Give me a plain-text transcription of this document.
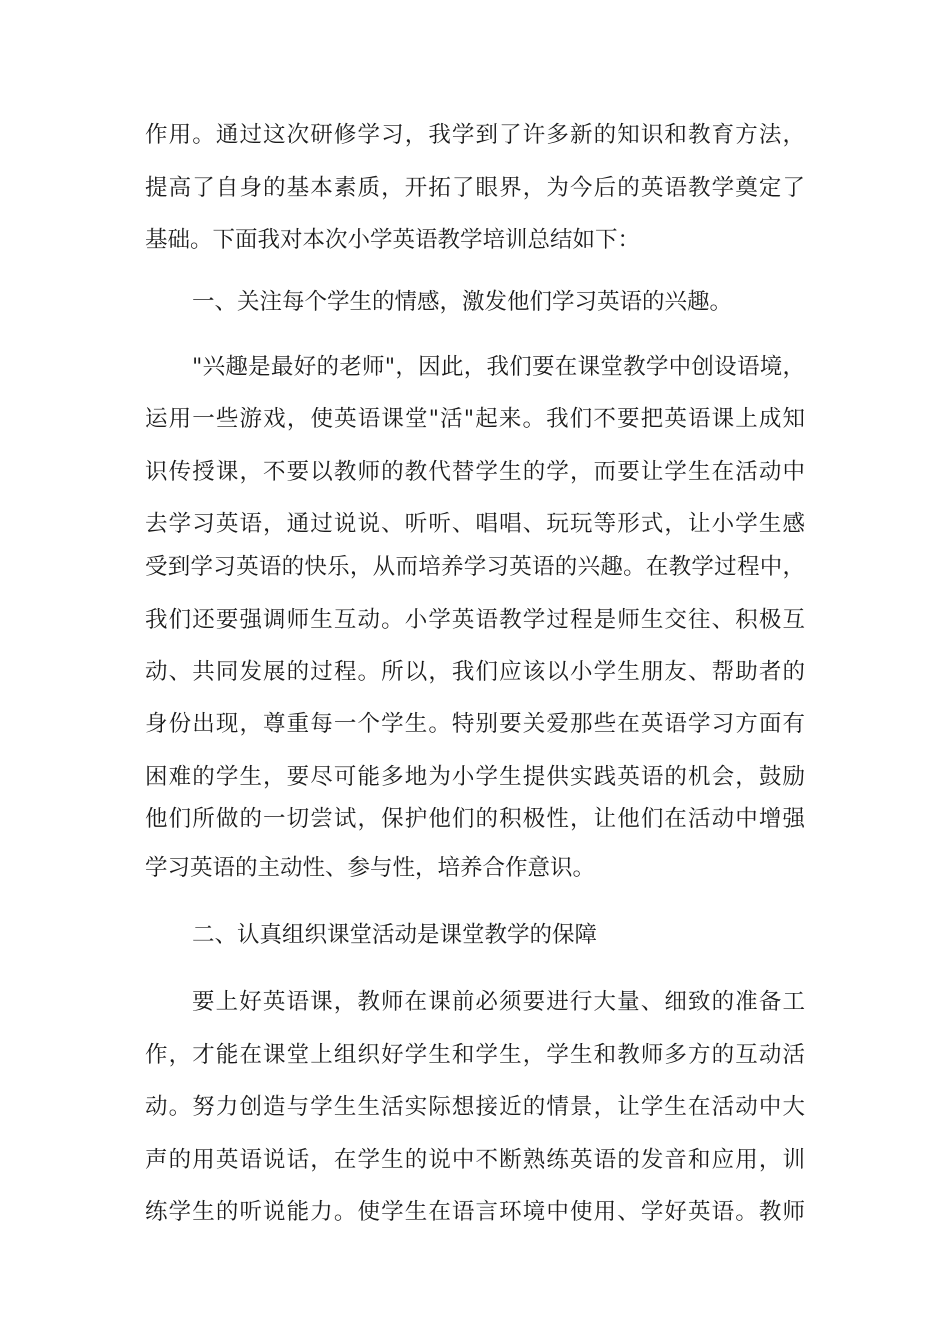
作用。通过这次研修学习，我学到了许多新的知识和教育方法，

提高了自身的基本素质，开拓了眼界，为今后的英语教学奠定了

基础。下面我对本次小学英语教学培训总结如下：

一、关注每个学生的情感，激发他们学习英语的兴趣。

"兴趣是最好的老师"，因此，我们要在课堂教学中创设语境，

运用一些游戏，使英语课堂"活"起来。我们不要把英语课上成知

识传授课，不要以教师的教代替学生的学，而要让学生在活动中

去学习英语，通过说说、听听、唱唱、玩玩等形式，让小学生感

受到学习英语的快乐，从而培养学习英语的兴趣。在教学过程中，

我们还要强调师生互动。小学英语教学过程是师生交往、积极互

动、共同发展的过程。所以，我们应该以小学生朋友、帮助者的

身份出现，尊重每一个学生。特别要关爱那些在英语学习方面有

困难的学生，要尽可能多地为小学生提供实践英语的机会，鼓励

他们所做的一切尝试，保护他们的积极性，让他们在活动中增强

学习英语的主动性、参与性，培养合作意识。

二、认真组织课堂活动是课堂教学的保障

要上好英语课，教师在课前必须要进行大量、细致的准备工

作，才能在课堂上组织好学生和学生，学生和教师多方的互动活

动。努力创造与学生生活实际想接近的情景，让学生在活动中大

声的用英语说话，在学生的说中不断熟练英语的发音和应用，训

练学生的听说能力。使学生在语言环境中使用、学好英语。教师
